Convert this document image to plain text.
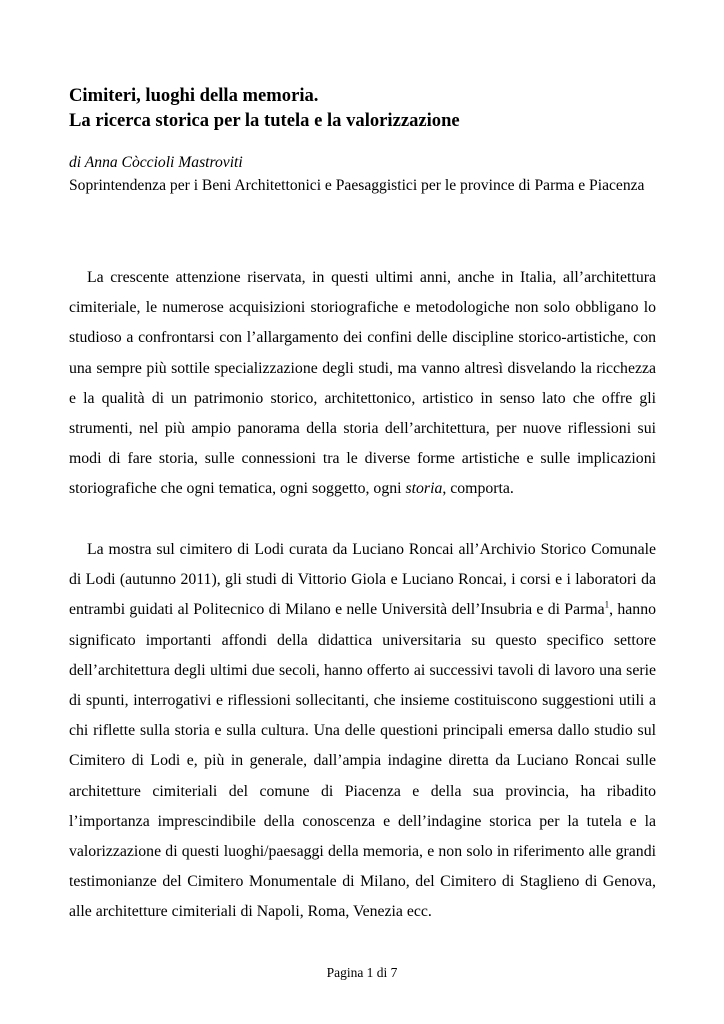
Cimiteri, luoghi della memoria.
La ricerca storica per la tutela e la valorizzazione
di Anna Còccioli Mastroviti
Soprintendenza per i Beni Architettonici e Paesaggistici per le province di Parma e Piacenza

La crescente attenzione riservata, in questi ultimi anni, anche in Italia, all’architettura cimiteriale, le numerose acquisizioni storiografiche e metodologiche non solo obbligano lo studioso a confrontarsi con l’allargamento dei confini delle discipline storico-artistiche, con una sempre più sottile specializzazione degli studi, ma vanno altresì disvelando la ricchezza e la qualità di un patrimonio storico, architettonico, artistico in senso lato che offre gli strumenti, nel più ampio panorama della storia dell’architettura, per nuove riflessioni sui modi di fare storia, sulle connessioni tra le diverse forme artistiche e sulle implicazioni storiografiche che ogni tematica, ogni soggetto, ogni storia, comporta.

La mostra sul cimitero di Lodi curata da Luciano Roncai all’Archivio Storico Comunale di Lodi (autunno 2011), gli studi di Vittorio Giola e Luciano Roncai, i corsi e i laboratori da entrambi guidati al Politecnico di Milano e nelle Università dell’Insubria e di Parma$^1$, hanno significato importanti affondi della didattica universitaria su questo specifico settore dell’architettura degli ultimi due secoli, hanno offerto ai successivi tavoli di lavoro una serie di spunti, interrogativi e riflessioni sollecitanti, che insieme costituiscono suggestioni utili a chi riflette sulla storia e sulla cultura. Una delle questioni principali emersa dallo studio sul Cimitero di Lodi e, più in generale, dall’ampia indagine diretta da Luciano Roncai sulle architetture cimiteriali del comune di Piacenza e della sua provincia, ha ribadito l’importanza imprescindibile della conoscenza e dell’indagine storica per la tutela e la valorizzazione di questi luoghi/paesaggi della memoria, e non solo in riferimento alle grandi testimonianze del Cimitero Monumentale di Milano, del Cimitero di Staglieno di Genova, alle architetture cimiteriali di Napoli, Roma, Venezia ecc.

Pagina 1 di 7
